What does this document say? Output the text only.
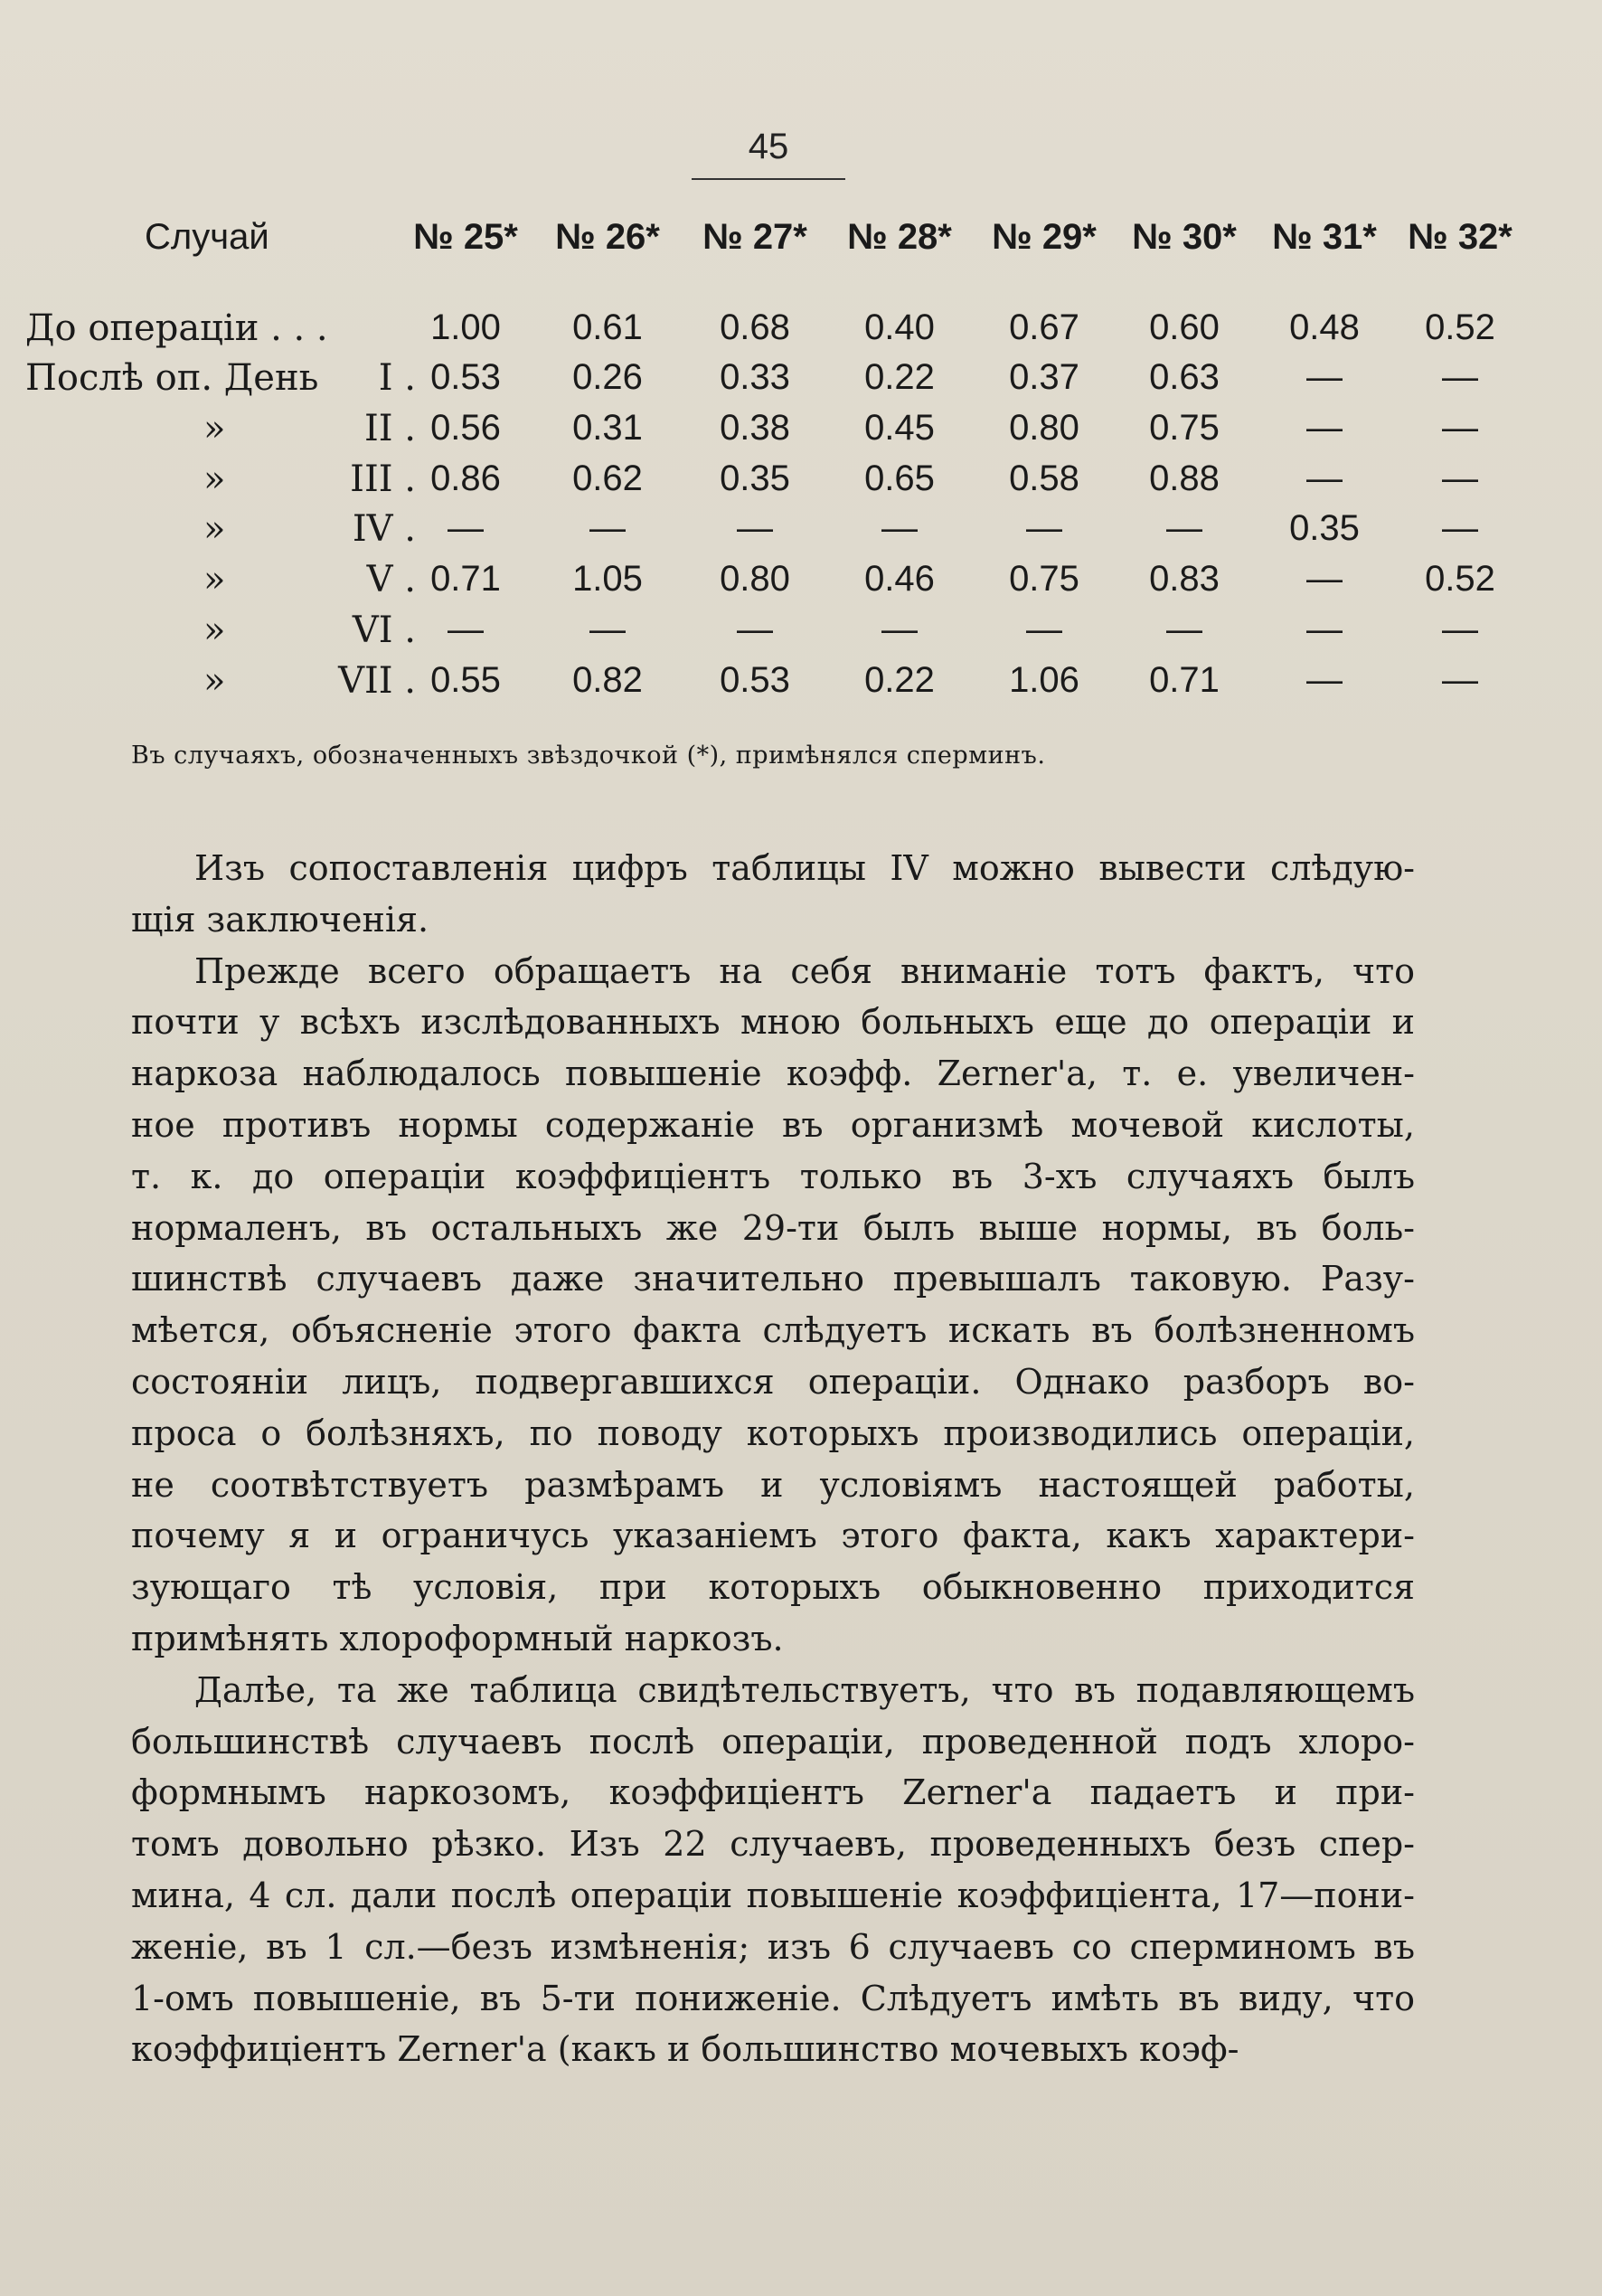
45
Случай	№ 25*	№ 26*	№ 27*	№ 28*	№ 29* № 30* № 31* № 32*
До операціи . . .	1.00	0.61	0.68	0.40	0.67	0.60	0.48	0.52
Послѣ оп. День	I . 0.53	0.26	0.33	0.22	0.37	0.63	—	—
»	II . 0.56	0.31	0.38	0.45	0.80	0.75	—	—
»	III . 0.86	0.62	0.35	0.65	0.58	0.88	—	—
»	IV . —	—	—	—	—	—	0.35	—
»	V . 0.71	1.05	0.80	0.46	0.75	0.83	—	0.52
»	VI . —	—	—	—	—	—	—	—
»	VII . 0.55	0.82	0.53	0.22	1.06	0.71	—	—
Въ случаяхъ, обозначенныхъ звѣздочкой (*), примѣнялся сперминъ.
Изъ сопоставленія цифръ таблицы IV можно вывести слѣдую-
щія заключенія.
Прежде всего обращаетъ на себя вниманіе тотъ фактъ, что
почти у всѣхъ изслѣдованныхъ мною больныхъ еще до операціи и
наркоза наблюдалось повышеніе коэфф. Zerner'a, т. е. увеличен-
ное противъ нормы содержаніе въ организмѣ мочевой кислоты,
т. к. до операціи коэффиціентъ только въ 3-хъ случаяхъ былъ
нормаленъ, въ остальныхъ же 29-ти былъ выше нормы, въ боль-
шинствѣ случаевъ даже значительно превышалъ таковую. Разу-
мѣется, объясненіе этого факта слѣдуетъ искать въ болѣзненномъ
состояніи лицъ, подвергавшихся операціи. Однако разборъ во-
проса о болѣзняхъ, по поводу которыхъ производились операціи,
не соотвѣтствуетъ размѣрамъ и условіямъ настоящей работы,
почему я и ограничусь указаніемъ этого факта, какъ характери-
зующаго тѣ условія, при которыхъ обыкновенно приходится
примѣнять хлороформный наркозъ.
Далѣе, та же таблица свидѣтельствуетъ, что въ подавляющемъ
большинствѣ случаевъ послѣ операціи, проведенной подъ хлоро-
формнымъ наркозомъ, коэффиціентъ Zerner'a падаетъ и при-
томъ довольно рѣзко. Изъ 22 случаевъ, проведенныхъ безъ спер-
мина, 4 сл. дали послѣ операціи повышеніе коэффиціента, 17—пони-
женіе, въ 1 сл.—безъ измѣненія; изъ 6 случаевъ со сперминомъ въ
1-омъ повышеніе, въ 5-ти пониженіе. Слѣдуетъ имѣть въ виду, что
коэффиціентъ Zerner'a (какъ и большинство мочевыхъ коэф-
